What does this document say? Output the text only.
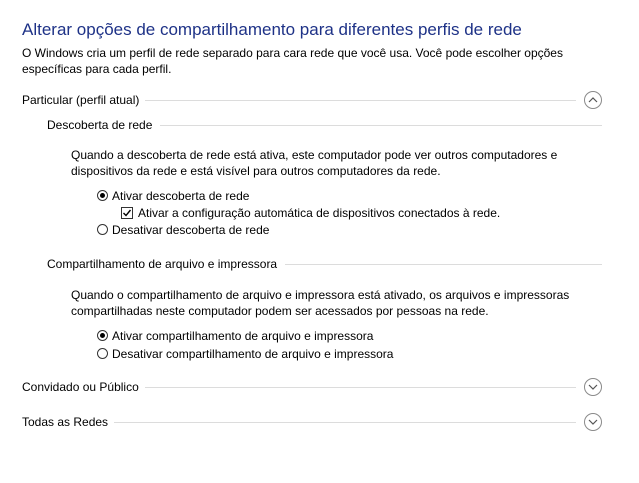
Alterar opções de compartilhamento para diferentes perfis de rede
O Windows cria um perfil de rede separado para cara rede que você usa. Você pode escolher opções
específicas para cada perfil.
Particular (perfil atual)
Descoberta de rede
Quando a descoberta de rede está ativa, este computador pode ver outros computadores e
dispositivos da rede e está visível para outros computadores da rede.
Ativar descoberta de rede
Ativar a configuração automática de dispositivos conectados à rede.
Desativar descoberta de rede
Compartilhamento de arquivo e impressora
Quando o compartilhamento de arquivo e impressora está ativado, os arquivos e impressoras
compartilhadas neste computador podem ser acessados por pessoas na rede.
Ativar compartilhamento de arquivo e impressora
Desativar compartilhamento de arquivo e impressora
Convidado ou Público
Todas as Redes
